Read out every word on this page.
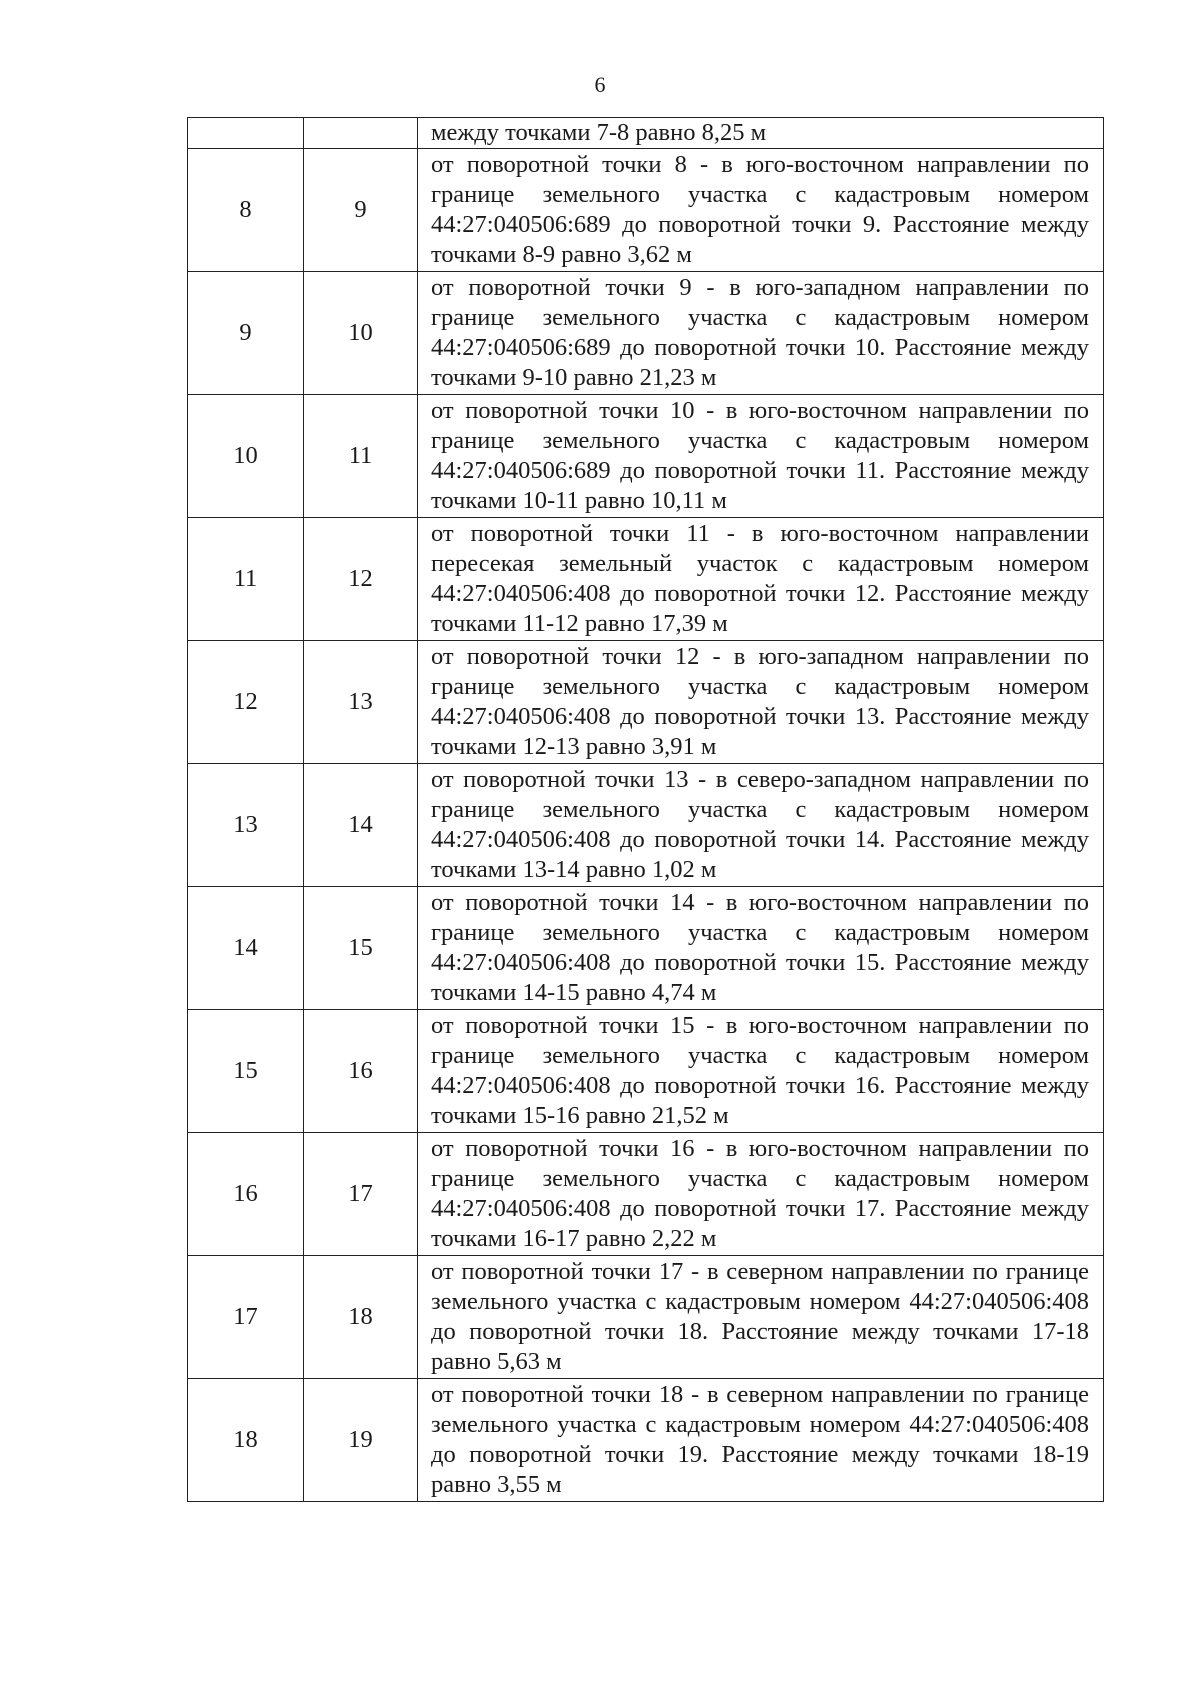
6
		между точками 7-8 равно 8,25 м
8	9	от поворотной точки 8 - в юго-восточном направлении по границе земельного участка с кадастровым номером 44:27:040506:689 до поворотной точки 9. Расстояние между точками 8-9 равно 3,62 м
9	10	от поворотной точки 9 - в юго-западном направлении по границе земельного участка с кадастровым номером 44:27:040506:689 до поворотной точки 10. Расстояние между точками 9-10 равно 21,23 м
10	11	от поворотной точки 10 - в юго-восточном направлении по границе земельного участка с кадастровым номером 44:27:040506:689 до поворотной точки 11. Расстояние между точками 10-11 равно 10,11 м
11	12	от поворотной точки 11 - в юго-восточном направлении пересекая земельный участок с кадастровым номером 44:27:040506:408 до поворотной точки 12. Расстояние между точками 11-12 равно 17,39 м
12	13	от поворотной точки 12 - в юго-западном направлении по границе земельного участка с кадастровым номером 44:27:040506:408 до поворотной точки 13. Расстояние между точками 12-13 равно 3,91 м
13	14	от поворотной точки 13 - в северо-западном направлении по границе земельного участка с кадастровым номером 44:27:040506:408 до поворотной точки 14. Расстояние между точками 13-14 равно 1,02 м
14	15	от поворотной точки 14 - в юго-восточном направлении по границе земельного участка с кадастровым номером 44:27:040506:408 до поворотной точки 15. Расстояние между точками 14-15 равно 4,74 м
15	16	от поворотной точки 15 - в юго-восточном направлении по границе земельного участка с кадастровым номером 44:27:040506:408 до поворотной точки 16. Расстояние между точками 15-16 равно 21,52 м
16	17	от поворотной точки 16 - в юго-восточном направлении по границе земельного участка с кадастровым номером 44:27:040506:408 до поворотной точки 17. Расстояние между точками 16-17 равно 2,22 м
17	18	от поворотной точки 17 - в северном направлении по границе земельного участка с кадастровым номером 44:27:040506:408 до поворотной точки 18. Расстояние между точками 17-18 равно 5,63 м
18	19	от поворотной точки 18 - в северном направлении по границе земельного участка с кадастровым номером 44:27:040506:408 до поворотной точки 19. Расстояние между точками 18-19 равно 3,55 м
